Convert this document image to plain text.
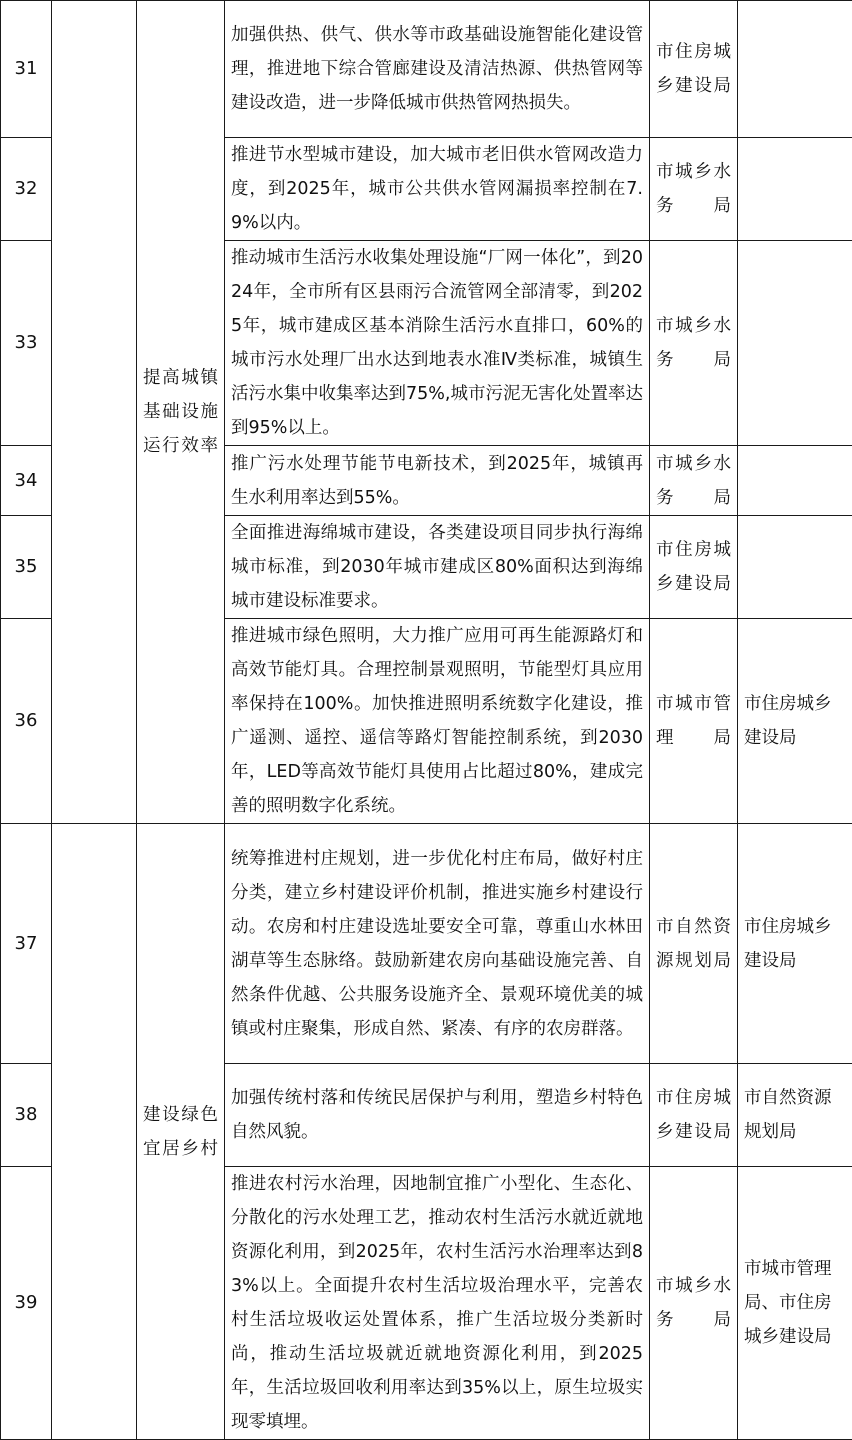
31		提高城镇基础设施运行效率	加强供热、供气、供水等市政基础设施智能化建设管理，推进地下综合管廊建设及清洁热源、供热管网等建设改造，进一步降低城市供热管网热损失。	市住房城乡建设局	
32			推进节水型城市建设，加大城市老旧供水管网改造力度，到2025年，城市公共供水管网漏损率控制在7.9%以内。	市城乡水务局	
33			推动城市生活污水收集处理设施“厂网一体化”，到2024年，全市所有区县雨污合流管网全部清零，到2025年，城市建成区基本消除生活污水直排口，60%的城市污水处理厂出水达到地表水准Ⅳ类标准，城镇生活污水集中收集率达到75%,城市污泥无害化处置率达到95%以上。	市城乡水务局	
34			推广污水处理节能节电新技术，到2025年，城镇再生水利用率达到55%。	市城乡水务局	
35			全面推进海绵城市建设，各类建设项目同步执行海绵城市标准，到2030年城市建成区80%面积达到海绵城市建设标准要求。	市住房城乡建设局	
36			推进城市绿色照明，大力推广应用可再生能源路灯和高效节能灯具。合理控制景观照明，节能型灯具应用率保持在100%。加快推进照明系统数字化建设，推广遥测、遥控、遥信等路灯智能控制系统，到2030年，LED等高效节能灯具使用占比超过80%，建成完善的照明数字化系统。	市城市管理局	市住房城乡建设局
37		建设绿色宜居乡村	统筹推进村庄规划，进一步优化村庄布局，做好村庄分类，建立乡村建设评价机制，推进实施乡村建设行动。农房和村庄建设选址要安全可靠，尊重山水林田湖草等生态脉络。鼓励新建农房向基础设施完善、自然条件优越、公共服务设施齐全、景观环境优美的城镇或村庄聚集，形成自然、紧凑、有序的农房群落。	市自然资源规划局	市住房城乡建设局
38			加强传统村落和传统民居保护与利用，塑造乡村特色自然风貌。	市住房城乡建设局	市自然资源规划局
39			推进农村污水治理，因地制宜推广小型化、生态化、分散化的污水处理工艺，推动农村生活污水就近就地资源化利用，到2025年，农村生活污水治理率达到83%以上。全面提升农村生活垃圾治理水平，完善农村生活垃圾收运处置体系，推广生活垃圾分类新时尚，推动生活垃圾就近就地资源化利用，到2025年，生活垃圾回收利用率达到35%以上，原生垃圾实现零填埋。	市城乡水务局	市城市管理局、市住房城乡建设局
